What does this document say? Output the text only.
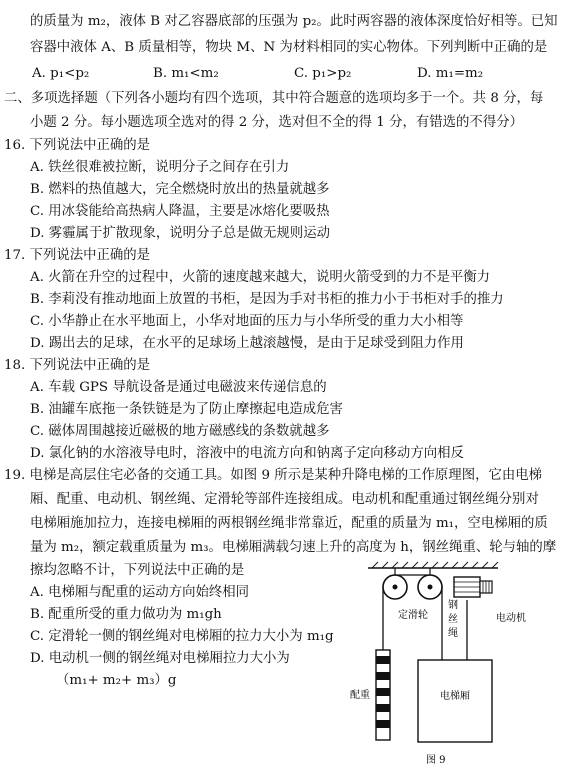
的质量为 m₂，液体 B 对乙容器底部的压强为 p₂。此时两容器的液体深度恰好相等。已知
容器中液体 A、B 质量相等，物块 M、N 为材料相同的实心物体。下列判断中正确的是
A. p₁<p₂	B. m₁<m₂	C. p₁>p₂	D. m₁=m₂
二、多项选择题（下列各小题均有四个选项，其中符合题意的选项均多于一个。共 8 分，每
小题 2 分。每小题选项全选对的得 2 分，选对但不全的得 1 分，有错选的不得分）
16. 下列说法中正确的是
A. 铁丝很难被拉断，说明分子之间存在引力
B. 燃料的热值越大，完全燃烧时放出的热量就越多
C. 用冰袋能给高热病人降温，主要是冰熔化要吸热
D. 雾霾属于扩散现象，说明分子总是做无规则运动
17. 下列说法中正确的是
A. 火箭在升空的过程中，火箭的速度越来越大，说明火箭受到的力不是平衡力
B. 李莉没有推动地面上放置的书柜，是因为手对书柜的推力小于书柜对手的推力
C. 小华静止在水平地面上，小华对地面的压力与小华所受的重力大小相等
D. 踢出去的足球，在水平的足球场上越滚越慢，是由于足球受到阻力作用
18. 下列说法中正确的是
A. 车载 GPS 导航设备是通过电磁波来传递信息的
B. 油罐车底拖一条铁链是为了防止摩擦起电造成危害
C. 磁体周围越接近磁极的地方磁感线的条数就越多
D. 氯化钠的水溶液导电时，溶液中的电流方向和钠离子定向移动方向相反
19. 电梯是高层住宅必备的交通工具。如图 9 所示是某种升降电梯的工作原理图，它由电梯
厢、配重、电动机、钢丝绳、定滑轮等部件连接组成。电动机和配重通过钢丝绳分别对
电梯厢施加拉力，连接电梯厢的两根钢丝绳非常靠近，配重的质量为 m₁，空电梯厢的质
量为 m₂，额定载重质量为 m₃。电梯厢满载匀速上升的高度为 h，钢丝绳重、轮与轴的摩
擦均忽略不计，下列说法中正确的是
A. 电梯厢与配重的运动方向始终相同
B. 配重所受的重力做功为 m₁gh
C. 定滑轮一侧的钢丝绳对电梯厢的拉力大小为 m₁g
D. 电动机一侧的钢丝绳对电梯厢拉力大小为
（m₁+ m₂+ m₃）g
定滑轮
钢
丝
绳
电动机
配重	电梯厢
图 9
